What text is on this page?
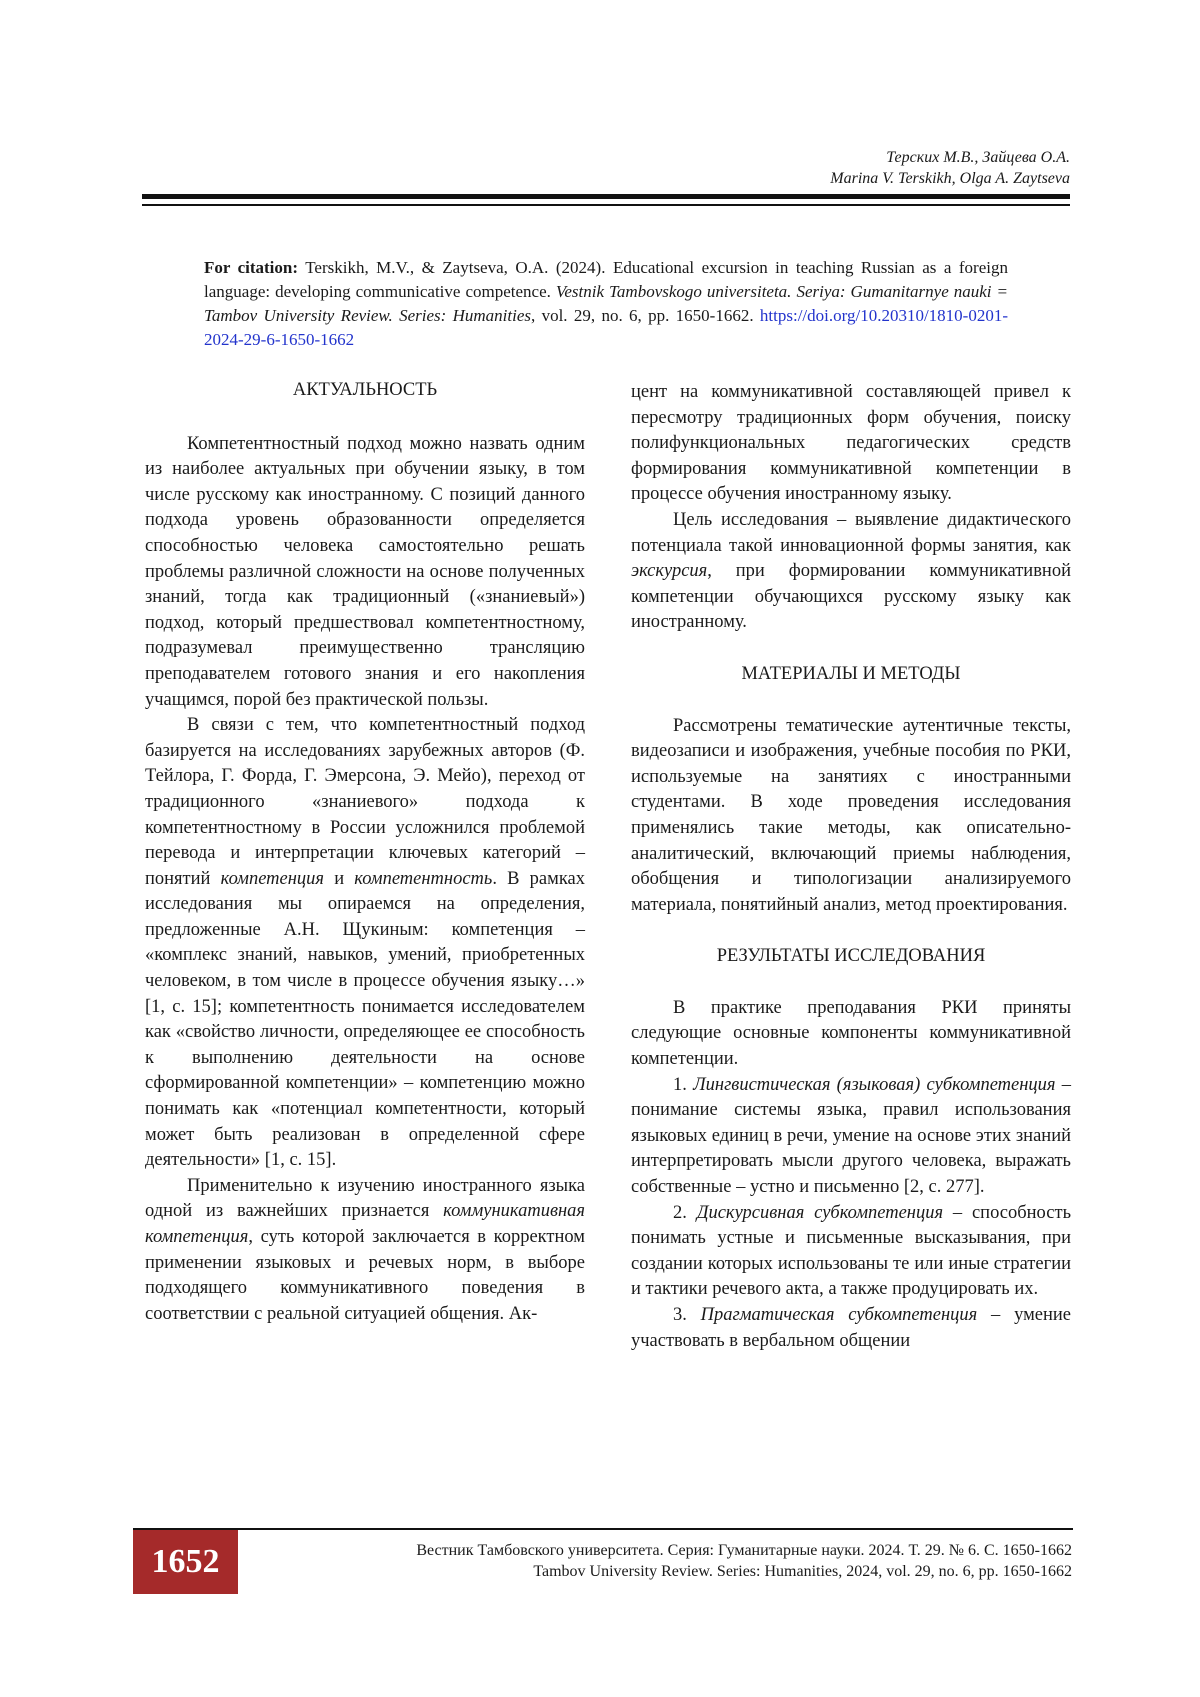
Терских М.В., Зайцева О.А.
Marina V. Terskikh, Olga A. Zaytseva
For citation: Terskikh, M.V., & Zaytseva, O.A. (2024). Educational excursion in teaching Russian as a foreign language: developing communicative competence. Vestnik Tambovskogo universiteta. Seriya: Gumanitarnye nauki = Tambov University Review. Series: Humanities, vol. 29, no. 6, pp. 1650-1662. https://doi.org/10.20310/1810-0201-2024-29-6-1650-1662
АКТУАЛЬНОСТЬ

Компетентностный подход можно назвать одним из наиболее актуальных при обучении языку, в том числе русскому как иностранному. С позиций данного подхода уровень образованности определяется способностью человека самостоятельно решать проблемы различной сложности на основе полученных знаний, тогда как традиционный («знаниевый») подход, который предшествовал компетентностному, подразумевал преимущественно трансляцию преподавателем готового знания и его накопления учащимся, порой без практической пользы.

В связи с тем, что компетентностный подход базируется на исследованиях зарубежных авторов (Ф. Тейлора, Г. Форда, Г. Эмерсона, Э. Мейо), переход от традиционного «знаниевого» подхода к компетентностному в России усложнился проблемой перевода и интерпретации ключевых категорий – понятий компетенция и компетентность. В рамках исследования мы опираемся на определения, предложенные А.Н. Щукиным: компетенция – «комплекс знаний, навыков, умений, приобретенных человеком, в том числе в процессе обучения языку…» [1, с. 15]; компетентность понимается исследователем как «свойство личности, определяющее ее способность к выполнению деятельности на основе сформированной компетенции» – компетенцию можно понимать как «потенциал компетентности, который может быть реализован в определенной сфере деятельности» [1, с. 15].

Применительно к изучению иностранного языка одной из важнейших признается коммуникативная компетенция, суть которой заключается в корректном применении языковых и речевых норм, в выборе подходящего коммуникативного поведения в соответствии с реальной ситуацией общения. Ак-

цент на коммуникативной составляющей привел к пересмотру традиционных форм обучения, поиску полифункциональных педагогических средств формирования коммуникативной компетенции в процессе обучения иностранному языку.

Цель исследования – выявление дидактического потенциала такой инновационной формы занятия, как экскурсия, при формировании коммуникативной компетенции обучающихся русскому языку как иностранному.

МАТЕРИАЛЫ И МЕТОДЫ

Рассмотрены тематические аутентичные тексты, видеозаписи и изображения, учебные пособия по РКИ, используемые на занятиях с иностранными студентами. В ходе проведения исследования применялись такие методы, как описательно-аналитический, включающий приемы наблюдения, обобщения и типологизации анализируемого материала, понятийный анализ, метод проектирования.

РЕЗУЛЬТАТЫ ИССЛЕДОВАНИЯ

В практике преподавания РКИ приняты следующие основные компоненты коммуникативной компетенции.

1. Лингвистическая (языковая) субкомпетенция – понимание системы языка, правил использования языковых единиц в речи, умение на основе этих знаний интерпретировать мысли другого человека, выражать собственные – устно и письменно [2, с. 277].

2. Дискурсивная субкомпетенция – способность понимать устные и письменные высказывания, при создании которых использованы те или иные стратегии и тактики речевого акта, а также продуцировать их.

3. Прагматическая субкомпетенция – умение участвовать в вербальном общении

1652	Вестник Тамбовского университета. Серия: Гуманитарные науки. 2024. Т. 29. № 6. С. 1650-1662
Tambov University Review. Series: Humanities, 2024, vol. 29, no. 6, pp. 1650-1662
